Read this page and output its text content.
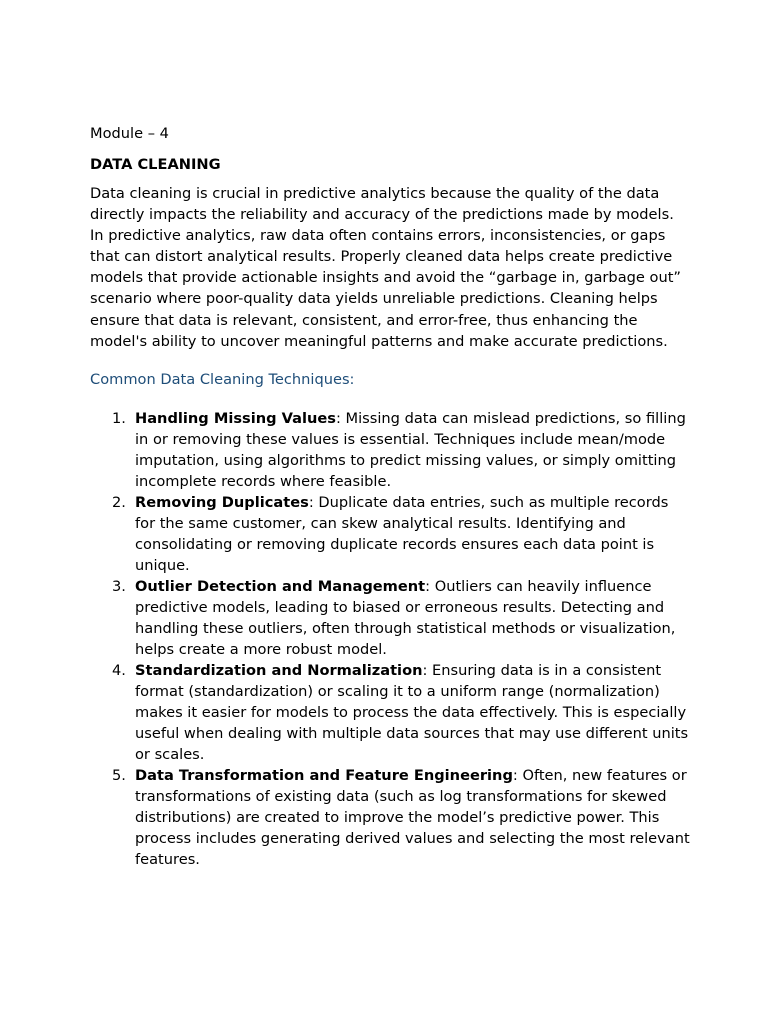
Module – 4

DATA CLEANING

Data cleaning is crucial in predictive analytics because the quality of the data directly impacts the reliability and accuracy of the predictions made by models. In predictive analytics, raw data often contains errors, inconsistencies, or gaps that can distort analytical results. Properly cleaned data helps create predictive models that provide actionable insights and avoid the “garbage in, garbage out” scenario where poor-quality data yields unreliable predictions. Cleaning helps ensure that data is relevant, consistent, and error-free, thus enhancing the model's ability to uncover meaningful patterns and make accurate predictions.

Common Data Cleaning Techniques:

1. Handling Missing Values: Missing data can mislead predictions, so filling in or removing these values is essential. Techniques include mean/mode imputation, using algorithms to predict missing values, or simply omitting incomplete records where feasible.
2. Removing Duplicates: Duplicate data entries, such as multiple records for the same customer, can skew analytical results. Identifying and consolidating or removing duplicate records ensures each data point is unique.
3. Outlier Detection and Management: Outliers can heavily influence predictive models, leading to biased or erroneous results. Detecting and handling these outliers, often through statistical methods or visualization, helps create a more robust model.
4. Standardization and Normalization: Ensuring data is in a consistent format (standardization) or scaling it to a uniform range (normalization) makes it easier for models to process the data effectively. This is especially useful when dealing with multiple data sources that may use different units or scales.
5. Data Transformation and Feature Engineering: Often, new features or transformations of existing data (such as log transformations for skewed distributions) are created to improve the model’s predictive power. This process includes generating derived values and selecting the most relevant features.
